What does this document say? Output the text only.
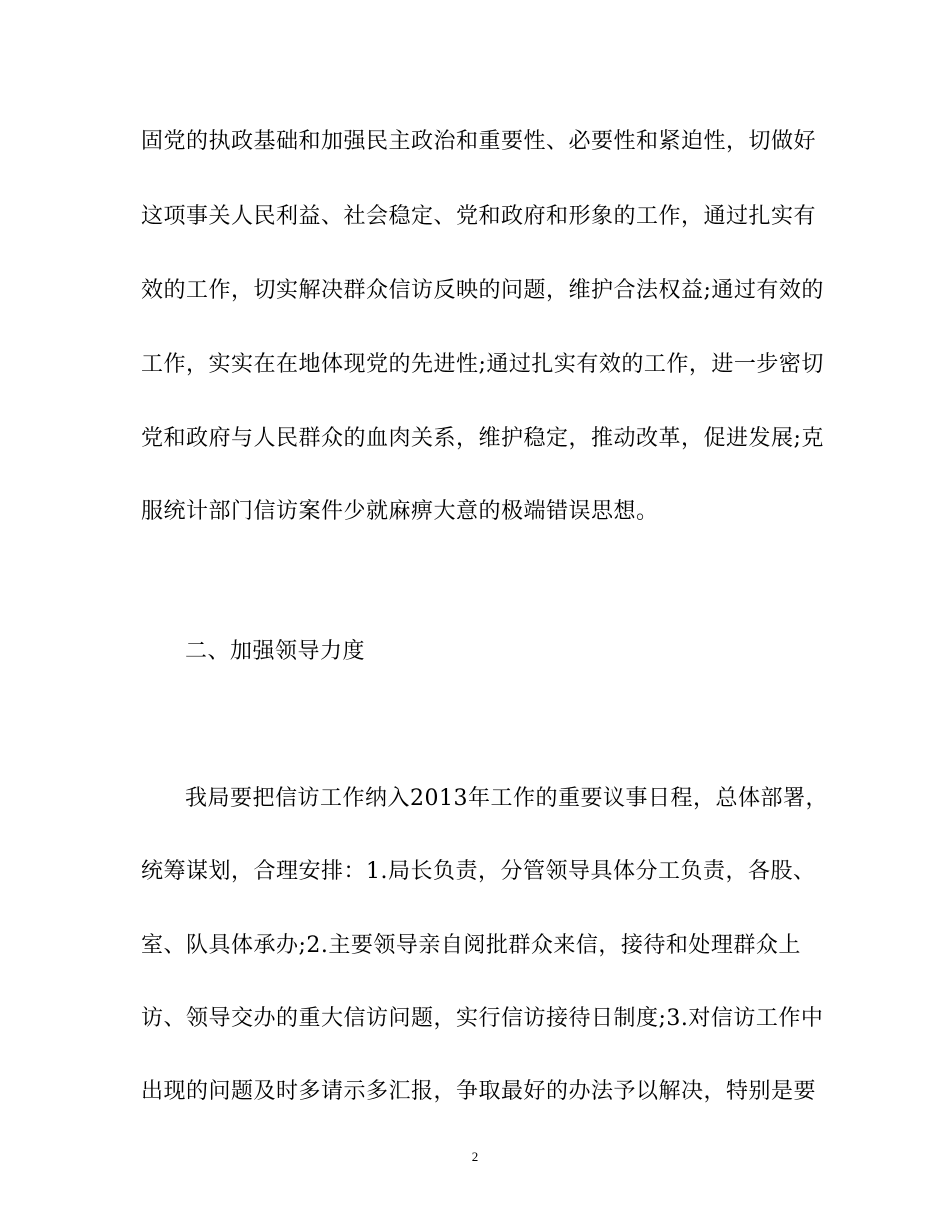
固党的执政基础和加强民主政治和重要性、必要性和紧迫性，切做好
这项事关人民利益、社会稳定、党和政府和形象的工作，通过扎实有
效的工作，切实解决群众信访反映的问题，维护合法权益;通过有效的
工作，实实在在地体现党的先进性;通过扎实有效的工作，进一步密切
党和政府与人民群众的血肉关系，维护稳定，推动改革，促进发展;克
服统计部门信访案件少就麻痹大意的极端错误思想。
二、加强领导力度
我局要把信访工作纳入2013年工作的重要议事日程，总体部署，
统筹谋划，合理安排：1.局长负责，分管领导具体分工负责，各股、
室、队具体承办;2.主要领导亲自阅批群众来信，接待和处理群众上
访、领导交办的重大信访问题，实行信访接待日制度;3.对信访工作中
出现的问题及时多请示多汇报，争取最好的办法予以解决，特别是要
2
